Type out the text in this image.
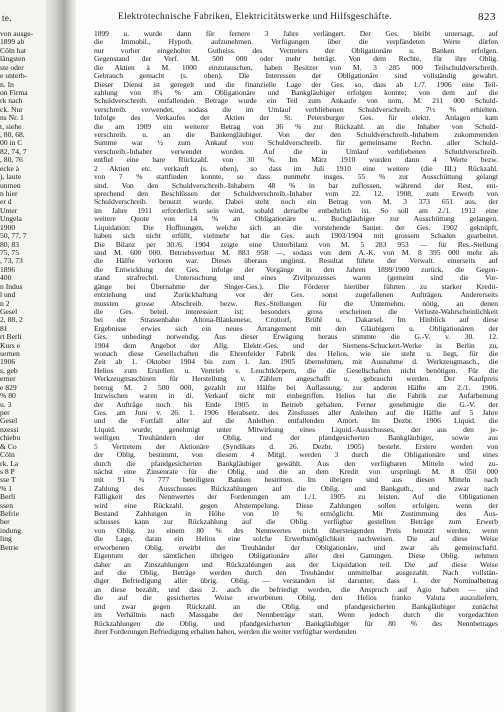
te.
von ausge-
1899 ab
Cöln hat
längsten
ste oder
e unterb-
n. In
on Firma
rk nach
ck. Nur
ns Nr. 1
t, siehe
, 80, 68.
00 in C
82, 74, 7
, 80, 76
ecke à
), laute
unmen
n hier
er d
Unter
Ungela
1900
50, 77, 7
80, 83
75, 75
, 73, 73
1896
400
n Indus
l und
n 2
Gesel
2, 88, 2
81
rt Berli
Kurs e
sernen
1906
s, geb
erner
e 829
% 80
u. 3
per
Gesel
nzessi
chiebu
& Co
Cöln
rk. La
s 8 P
sse T
% 1
Berli
ssen
Befrie
ber
indung
ling
Betrie
Elektrotechnische Fabriken, Elektricitätswerke und Hilfsgeschäfte.	823
1899 u. wurde dann für fernere 3 Jahre verlängert. Der Ges. bleibt untersagt, auf
die Immobil., Hypoth. aufzunehmen. Verfügungen über die verpfändeten Werte dürfen
nur vorher eingeholter Gutheiss. des Vertreters der Obligationäre u. Banken erfolgen.
Gegenstand der Verf. M. 500 000 oder mehr beträgt. Von dem Rechte, für ihre Oblig.
die Aktien à M. 1000 einzutauschen, haben Besitzer von M. 3 285 000 Teilschuldverschreib.
Gebrauch gemacht (s. oben). Die Interessen der Obligationäre sind vollständig gewahrt.
Dieser Dienst ist geregelt und die finanzielle Lage der Ges. so, dass ab 1./7. 1906 eine Teil-
zahlung von 8¼ % am Obligationäre und Bankgläubiger erfolgen konnte; von dem auf die
Schuldverschreib. entfallenden Betrage wurde ein Teil zum Ankaufe von nom. M. 211 000 Schuld-
verschreib. verwendet, sodass die im Umlauf verbliebenen Schuldverschreib. 7½ % erhielten.
Infolge des Verkaufes der Aktien der St. Petersburger Ges. für elektr. Anlagen kam
die am 1909 ein weiterer Betrag von 36 % zur Rückzahl. an die Inhaber von Schuld-
verschreib. u. an die Bankengläubiger. Von der den Schuldverschreib.-Inhabern zukommenden
Summe war ½ zum Ankauf von Schuldverschreib. für gemeinsame Rechn. aller Schuld-
verschreib.-Inhaber verwendet worden. Auf die in Umlauf verbliebenen Schuldverschreib.
entfiel eine bare Rückzahl. von 30 %. Im März 1910 wurden dann 4 Werte bezw.
2 Aktien etc. verkauft (s. oben), so dass im Juli 1910 eine weitere (die III.) Rückzahl.
von 7 % stattfinden konnte, so dass nunmehr insges. 55 % zur Ausschüttung gelangt
sind. Von den Schuldverschreib.-Inhabern 48 % in bar zuflossen, während der Rest, ent-
sprechend den Beschlüssen der Schuldverschreib.-Inhaber vom 22. 12. 1908, zum Erwerb von
Schuldverschreib. benutzt wurde. Dabei steht noch ein Betrag von M. 3 373 651 aus, der
im Jahre 1911 erforderlich sein wird, sobald derselbe entbehrlich ist. So soll am 2./1. 1912 eine
weitere Quote von 14 % an Obligationäre u. Buchgläubiger zur Ausschüttung gelangen.
Liquidation: Die Hoffnungen, welche sich an die vorstehende Sanier. der Ges. 1902 geknüpft,
haben sich nicht erfüllt, vielmehr hat die Ges. auch 1903/1904 mit grossem Schaden gearbeitet.
Die Bilanz per 30./6. 1904 zeigte eine Unterbilanz von M. 5 283 953 — für Res.-Stellung
sind M. 600 000. Betriebsverlust M. 883 958 —, sodass von dem A.-K. von M. 8 395 000 mehr als
die Hälfte verloren war. Dieses überaus ungünst. Resultat führte der Verwalt. einerseits auf
die Entwicklung der Ges. infolge der Vorgänge in den Jahren 1899/1900 zurück, die Gegen-
stand strafrechtl. Untersuchung und eines Zivilprozesses waren (gemeint sind die Vor-
gänge bei Übernahme der Singer-Ges.). Die Förderer hierüber führten zu starker Kredit-
entziehung und Zurückhaltung vor der Ges. sonst zugefallenen Aufträgen. Andererseits
mussten grosse Abschreib. bezw. Res.-Stellungen für die Unternehm. nötig, an denen
die Ges. beteil. interessiert ist; besonders gross erscheinen die Verluste-Wahrscheinlichkeit
bei der Strassenbahn Altona-Blankenese, Crottorf, Brühl u. Dakarsel. Im Hinblick auf diese
Ergebnisse erwies sich ein neues Arrangement mit den Gläubigern u. Obligationären der
Ges. unbedingt notwendig. Aus dieser Erwägung heraus stimmte die G.-V. v. 30. 12.
1904 dem Angebot der Allg. Elektr.-Ges. und der Siemens-Schuckert-Werke in Berlin zu,
wonach diese Gesellschaften die Ehrenfelder Fabrik des Helios, wie sie steht u. liegt, für die
Zeit ab 1. Oktober 1904 bis zum 1. Jan. 1905 übernehmen, mit Ausnahme d. Werkzeugmasch., die
Helios zum Erstellen u. Vertrieb v. Leuchtkörpern, die die Gesellschaften nicht benötigen. Für die
Werkzeugmaschinen für Herstellung v. Zählern angeschafft u. gebraucht werden. Der Kaufpreis
betrug M. 2 500 000, gezahlt zur Hälfte bei Auflassung, zur anderen Hälfte am 2./1. 1906.
Inzwischen waren in di. Verkauf nicht mit einbegriffen. Helios hat die Fabrik zur Aufarbeitung
der Aufträge noch bis Ende 1905 in Betrieb gehalten. Ferner genehmigte die G.-V. der
Ges. am Juni v. 26. 1. 1906 Herabsetz. des Zinsfusses aller Anleihen auf die Hälfte auf 5 Jahre
und die Fortfall aller auf die Anleihen entfallenden Amort. Im Dezbr. 1906 Liquid. die
Liquid. wurde, genehmigt unter Mitwirkung eines Liquid.-Ausschusses, der aus den je-
weiligen Treuhändern der Oblig. und der pfandgesicherten Bankgläubiger, sowie aus
5 Vertretern der Aktionäre (Syndikats d. 26. Dezbr. 1905) besteht. Erstere werden von
der Oblig. bestimmt, von diesem 4 Mitgl. werden 3 durch die Obligationäre und eines
durch die pfandgesicherten Bankgläubiger gewählt. Aus den verfügbaren Mitteln wird zu-
nächst eine Zinsenrate für die Oblig. und die an dem Kredit von ursprüngl. M. 8 050 000
mit 91 ¾ 777 beteiligten Banken bestritten. Im übrigen sind aus diesen Mitteln nach
Zahlung des Ausschusses Rückzahlungen auf die Oblig. und Bankguth., und zwar nach
Fälligkeit des Nennwertes der Forderungen am 1./1. 1905 zu leisten. Auf die Obligationen
wird eine Rückzahl. gegen Abstempelung. Diese Zahlungen sollen erfolgen, wenn der
Bestand Zahlungen in Höhe von 10 % ermöglicht. Mit Zustimmung des Aus-
schusses kann zur Rückzahlung auf die Oblig. verfügbar gestellten Beträge zum Erwerb
von Oblig. zu einem 80 % des Nennwertes nicht übersteigenden Preis benutzt werden, wenn
die Lage, daran ein Helios eine solche Erwerbsmöglichkeit nachweisen. Die auf diese Weise
erworbenen Oblig. erwirbt der Treuhänder der Obligationäre, und zwar als gemeinschaftl.
Eigentum der sämtlichen übrigen Obligationäre aller drei Gattungen. Diese Oblig. nehmen
daher an Zinszahlungen und Rückzahlungen aus der Liquidation teil. Die auf diese Weise
auf die Oblig. Beträge werden durch den Treuhänder unmittelbar ausgezahlt. Nach vollstän-
diger Befriedigung aller übrig. Oblig. — verstanden ist darunter, dass 1. der Nominalbetrag
an diese bezahlt, und dass 2. auch die befriedigt werden, die Anspruch auf Agio haben — sind
die auf die gesichertes Weise erworbenen Oblig. den Helios franko Valuta auszuliefern,
und zwar gegen Rückzahl. an die Oblig. und pfandgesicherten Bankgläubiger zunächst
im Verhältnis nach Massgabe der Nennbeträge statt. Wenn jedoch durch die vorgedachten
Rückzahlungen die Oblig. und pfandgesicherten Bankgläubiger für 80 % des Nennbetrages
ihrer Forderungen Befriedigung erhalten haben, werden die weiter verfügbar werdenden
